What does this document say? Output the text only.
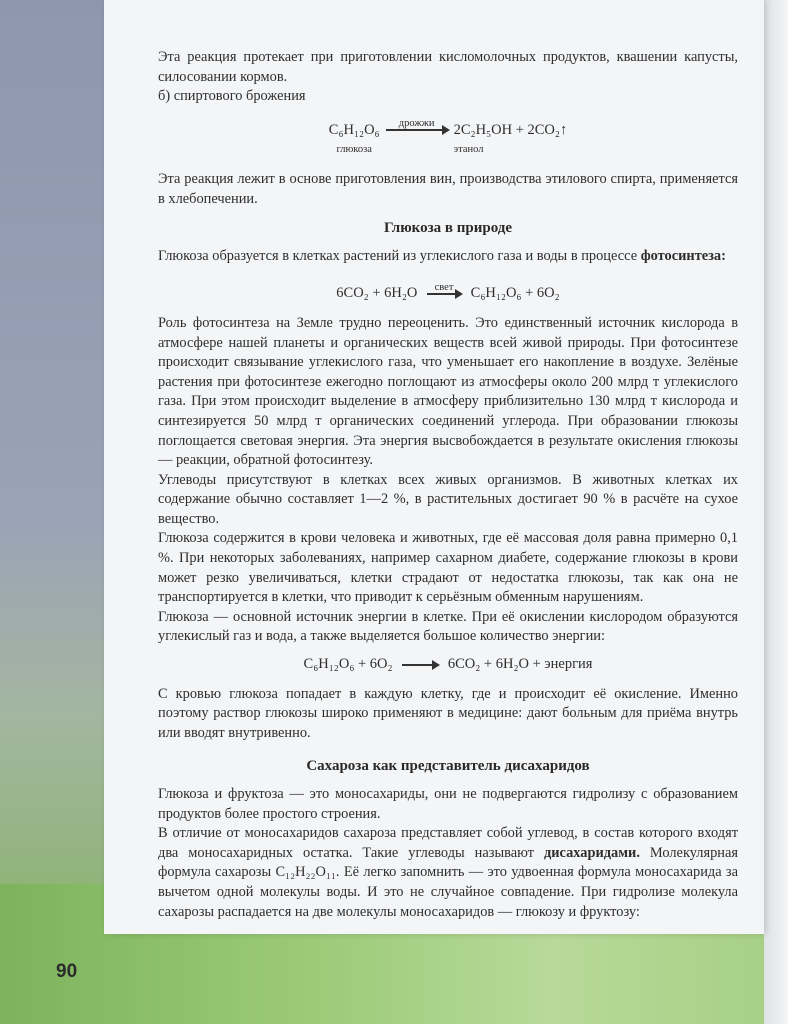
Эта реакция протекает при приготовлении кисломолочных продуктов, квашении капусты, силосовании кормов.

б) спиртового брожения

C₆H₁₂O₆
глюкоза
дрожжи	2C₂H₅OH + 2CO₂↑
этанол

Эта реакция лежит в основе приготовления вин, производства этилового спирта, применяется в хлебопечении.

Глюкоза в природе

Глюкоза образуется в клетках растений из углекислого газа и воды в процессе фотосинтеза:

6CO₂ + 6H₂O	свет	C₆H₁₂O₆ + 6O₂

Роль фотосинтеза на Земле трудно переоценить. Это единственный источник кислорода в атмосфере нашей планеты и органических веществ всей живой природы. При фотосинтезе происходит связывание углекислого газа, что уменьшает его накопление в воздухе. Зелёные растения при фотосинтезе ежегодно поглощают из атмосферы около 200 млрд т углекислого газа. При этом происходит выделение в атмосферу приблизительно 130 млрд т кислорода и синтезируется 50 млрд т органических соединений углерода. При образовании глюкозы поглощается световая энергия. Эта энергия высвобождается в результате окисления глюкозы — реакции, обратной фотосинтезу.

Углеводы присутствуют в клетках всех живых организмов. В животных клетках их содержание обычно составляет 1—2 %, в растительных достигает 90 % в расчёте на сухое вещество.

Глюкоза содержится в крови человека и животных, где её массовая доля равна примерно 0,1 %. При некоторых заболеваниях, например сахарном диабете, содержание глюкозы в крови может резко увеличиваться, клетки страдают от недостатка глюкозы, так как она не транспортируется в клетки, что приводит к серьёзным обменным нарушениям.

Глюкоза — основной источник энергии в клетке. При её окислении кислородом образуются углекислый газ и вода, а также выделяется большое количество энергии:

C₆H₁₂O₆ + 6O₂ → 6CO₂ + 6H₂O + энергия

С кровью глюкоза попадает в каждую клетку, где и происходит её окисление. Именно поэтому раствор глюкозы широко применяют в медицине: дают больным для приёма внутрь или вводят внутривенно.

Сахароза как представитель дисахаридов

Глюкоза и фруктоза — это моносахариды, они не подвергаются гидролизу с образованием продуктов более простого строения.

В отличие от моносахаридов сахароза представляет собой углевод, в состав которого входят два моносахаридных остатка. Такие углеводы называют дисахаридами. Молекулярная формула сахарозы C₁₂H₂₂O₁₁. Её легко запомнить — это удвоенная формула моносахарида за вычетом одной молекулы воды. И это не случайное совпадение. При гидролизе молекула сахарозы распадается на две молекулы моносахаридов — глюкозу и фруктозу:

90
